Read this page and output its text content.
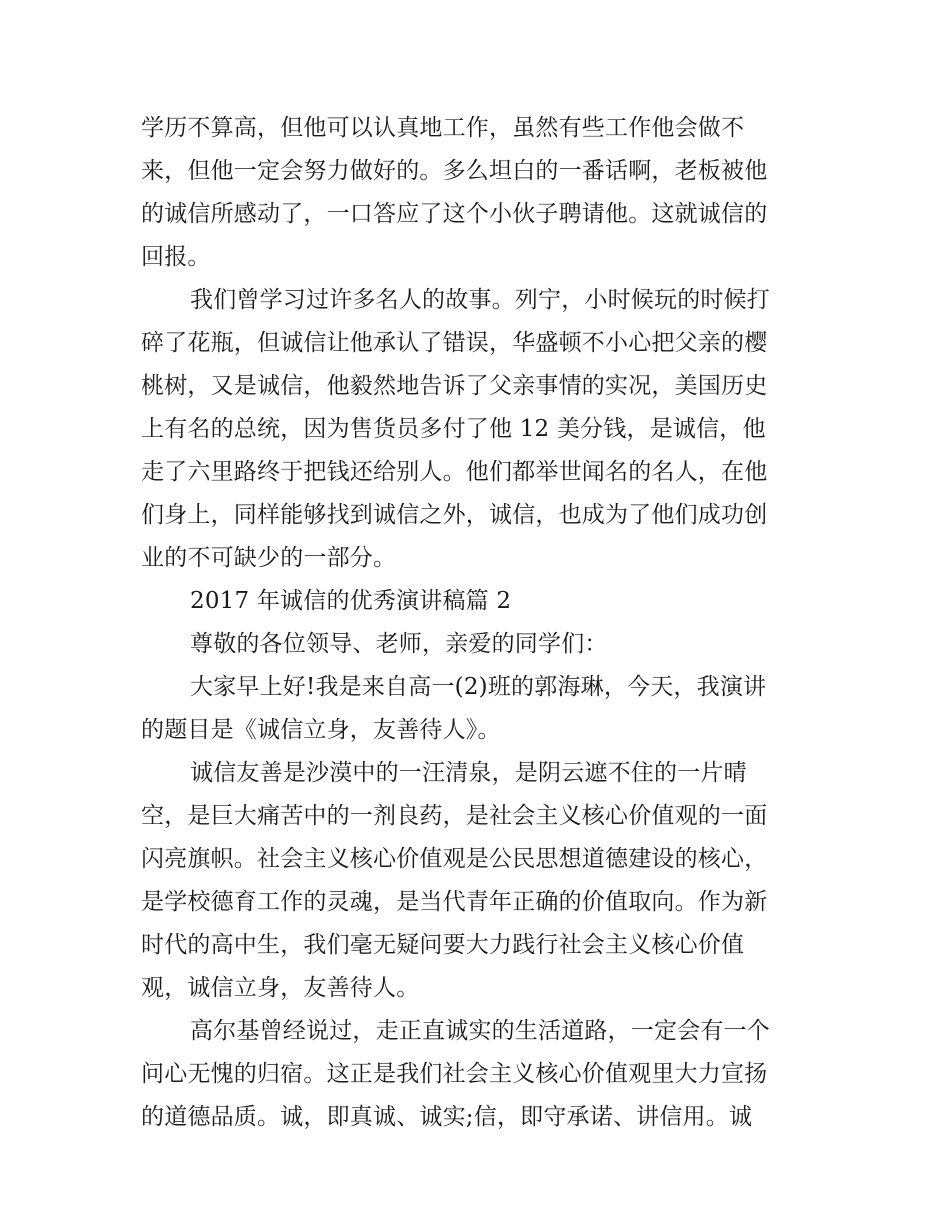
学历不算高，但他可以认真地工作，虽然有些工作他会做不
来，但他一定会努力做好的。多么坦白的一番话啊，老板被他
的诚信所感动了，一口答应了这个小伙子聘请他。这就诚信的
回报。
我们曾学习过许多名人的故事。列宁，小时候玩的时候打
碎了花瓶，但诚信让他承认了错误，华盛顿不小心把父亲的樱
桃树，又是诚信，他毅然地告诉了父亲事情的实况，美国历史
上有名的总统，因为售货员多付了他 12 美分钱，是诚信，他
走了六里路终于把钱还给别人。他们都举世闻名的名人，在他
们身上，同样能够找到诚信之外，诚信，也成为了他们成功创
业的不可缺少的一部分。
2017 年诚信的优秀演讲稿篇 2
尊敬的各位领导、老师，亲爱的同学们：
大家早上好!我是来自高一(2)班的郭海琳，今天，我演讲
的题目是《诚信立身，友善待人》。
诚信友善是沙漠中的一汪清泉，是阴云遮不住的一片晴
空，是巨大痛苦中的一剂良药，是社会主义核心价值观的一面
闪亮旗帜。社会主义核心价值观是公民思想道德建设的核心，
是学校德育工作的灵魂，是当代青年正确的价值取向。作为新
时代的高中生，我们毫无疑问要大力践行社会主义核心价值
观，诚信立身，友善待人。
高尔基曾经说过，走正直诚实的生活道路，一定会有一个
问心无愧的归宿。这正是我们社会主义核心价值观里大力宣扬
的道德品质。诚，即真诚、诚实;信，即守承诺、讲信用。诚
